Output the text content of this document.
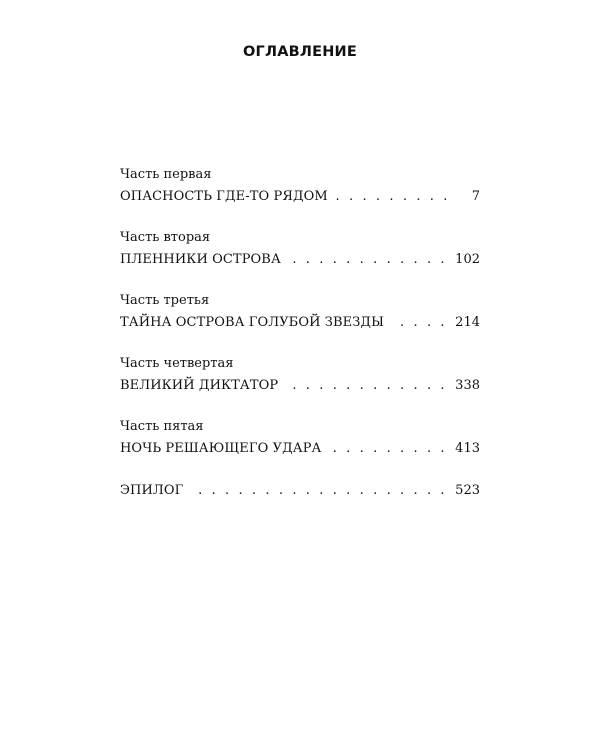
ОГЛАВЛЕНИЕ
Часть первая
ОПАСНОСТЬ ГДЕ-ТО РЯДОМ . . .	7
Часть вторая
ПЛЕННИКИ ОСТРОВА . . .	102
Часть третья
ТАЙНА ОСТРОВА ГОЛУБОЙ ЗВЕЗДЫ . . .	214
Часть четвертая
ВЕЛИКИЙ ДИКТАТОР . . .	338
Часть пятая
НОЧЬ РЕШАЮЩЕГО УДАРА . . .	413
ЭПИЛОГ . . .	523
